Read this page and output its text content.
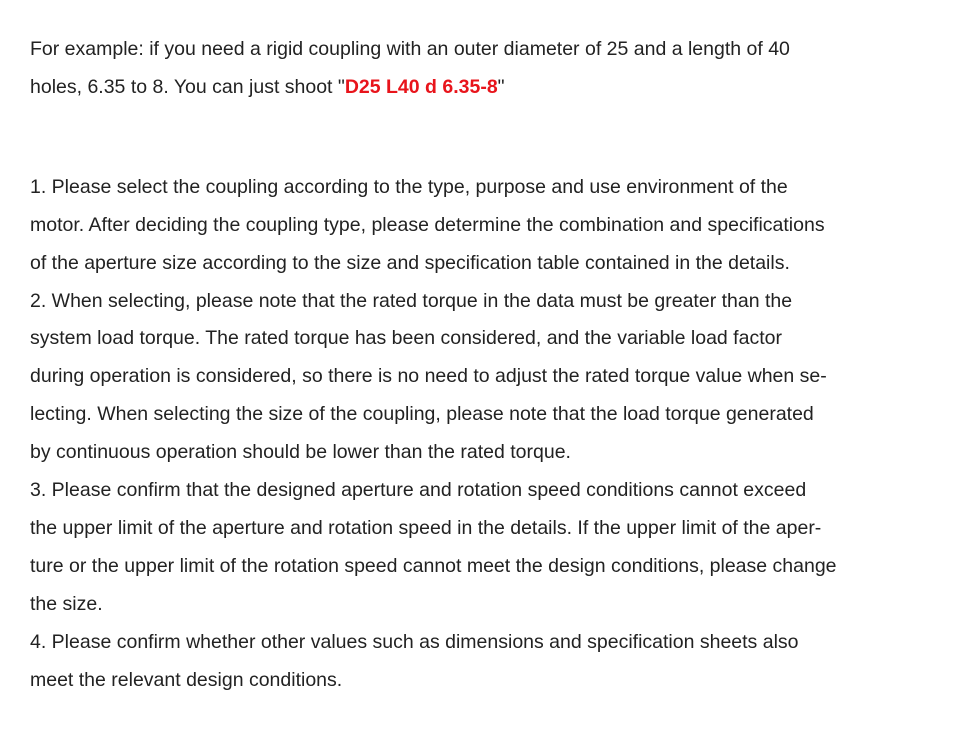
For example: if you need a rigid coupling with an outer diameter of 25 and a length of 40
holes, 6.35 to 8. You can just shoot "D25 L40 d 6.35-8"
1. Please select the coupling according to the type, purpose and use environment of the
motor. After deciding the coupling type, please determine the combination and specifications
of the aperture size according to the size and specification table contained in the details.
2. When selecting, please note that the rated torque in the data must be greater than the
system load torque. The rated torque has been considered, and the variable load factor
during operation is considered, so there is no need to adjust the rated torque value when se-
lecting. When selecting the size of the coupling, please note that the load torque generated
by continuous operation should be lower than the rated torque.
3. Please confirm that the designed aperture and rotation speed conditions cannot exceed
the upper limit of the aperture and rotation speed in the details. If the upper limit of the aper-
ture or the upper limit of the rotation speed cannot meet the design conditions, please change
the size.
4. Please confirm whether other values such as dimensions and specification sheets also
meet the relevant design conditions.
